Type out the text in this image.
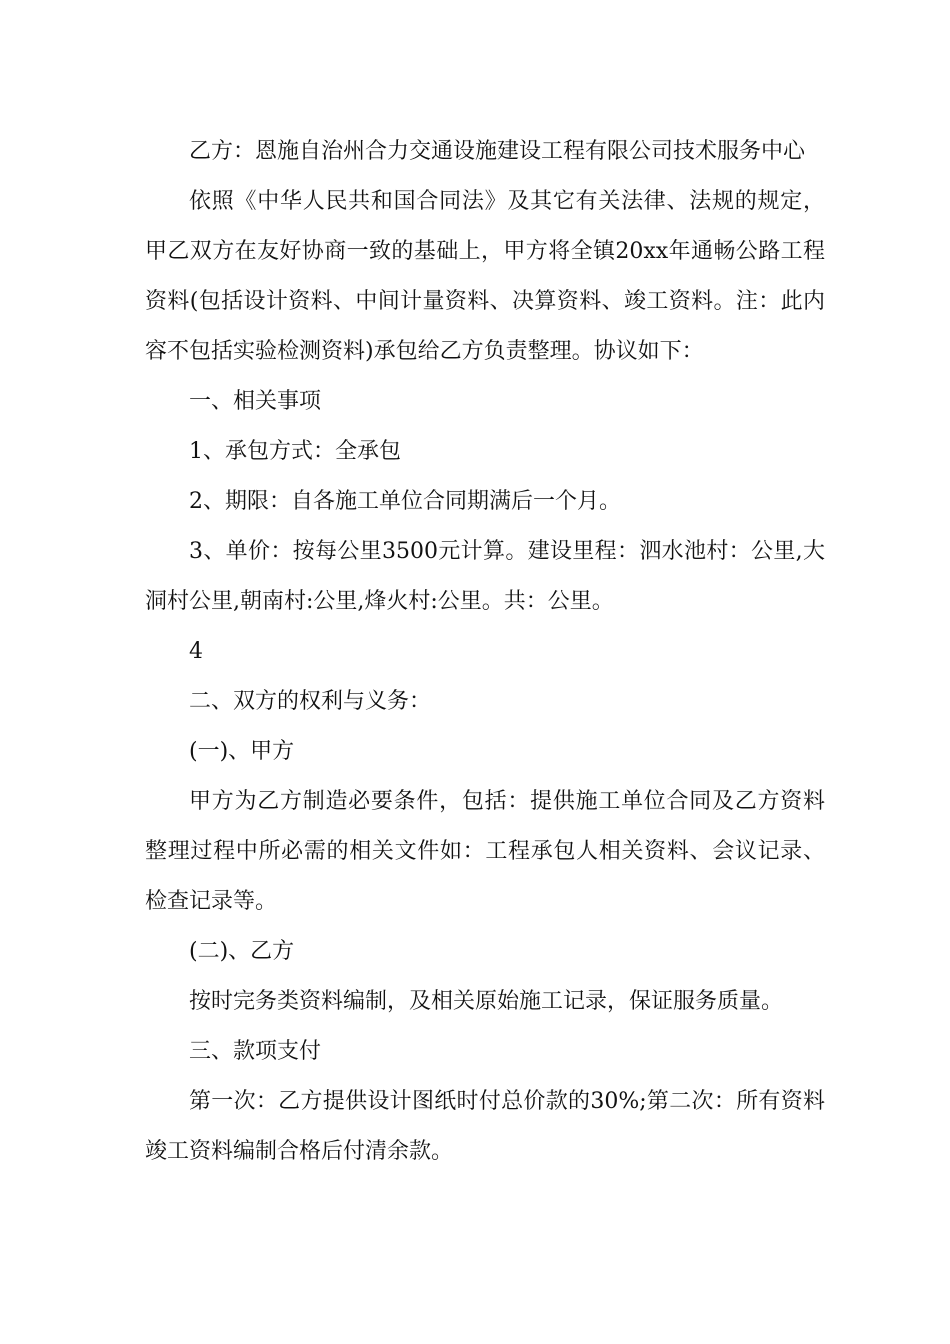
乙方：恩施自治州合力交通设施建设工程有限公司技术服务中心

依照《中华人民共和国合同法》及其它有关法律、法规的规定，甲乙双方在友好协商一致的基础上，甲方将全镇20xx年通畅公路工程资料(包括设计资料、中间计量资料、决算资料、竣工资料。注：此内容不包括实验检测资料)承包给乙方负责整理。协议如下：

一、相关事项

1、承包方式：全承包

2、期限：自各施工单位合同期满后一个月。

3、单价：按每公里3500元计算。建设里程：泗水池村：公里,大洞村公里,朝南村:公里,烽火村:公里。共：公里。

4

二、双方的权利与义务：

(一)、甲方

甲方为乙方制造必要条件，包括：提供施工单位合同及乙方资料整理过程中所必需的相关文件如：工程承包人相关资料、会议记录、检查记录等。

(二)、乙方

按时完务类资料编制，及相关原始施工记录，保证服务质量。

三、款项支付

第一次：乙方提供设计图纸时付总价款的30%;第二次：所有资料竣工资料编制合格后付清余款。
